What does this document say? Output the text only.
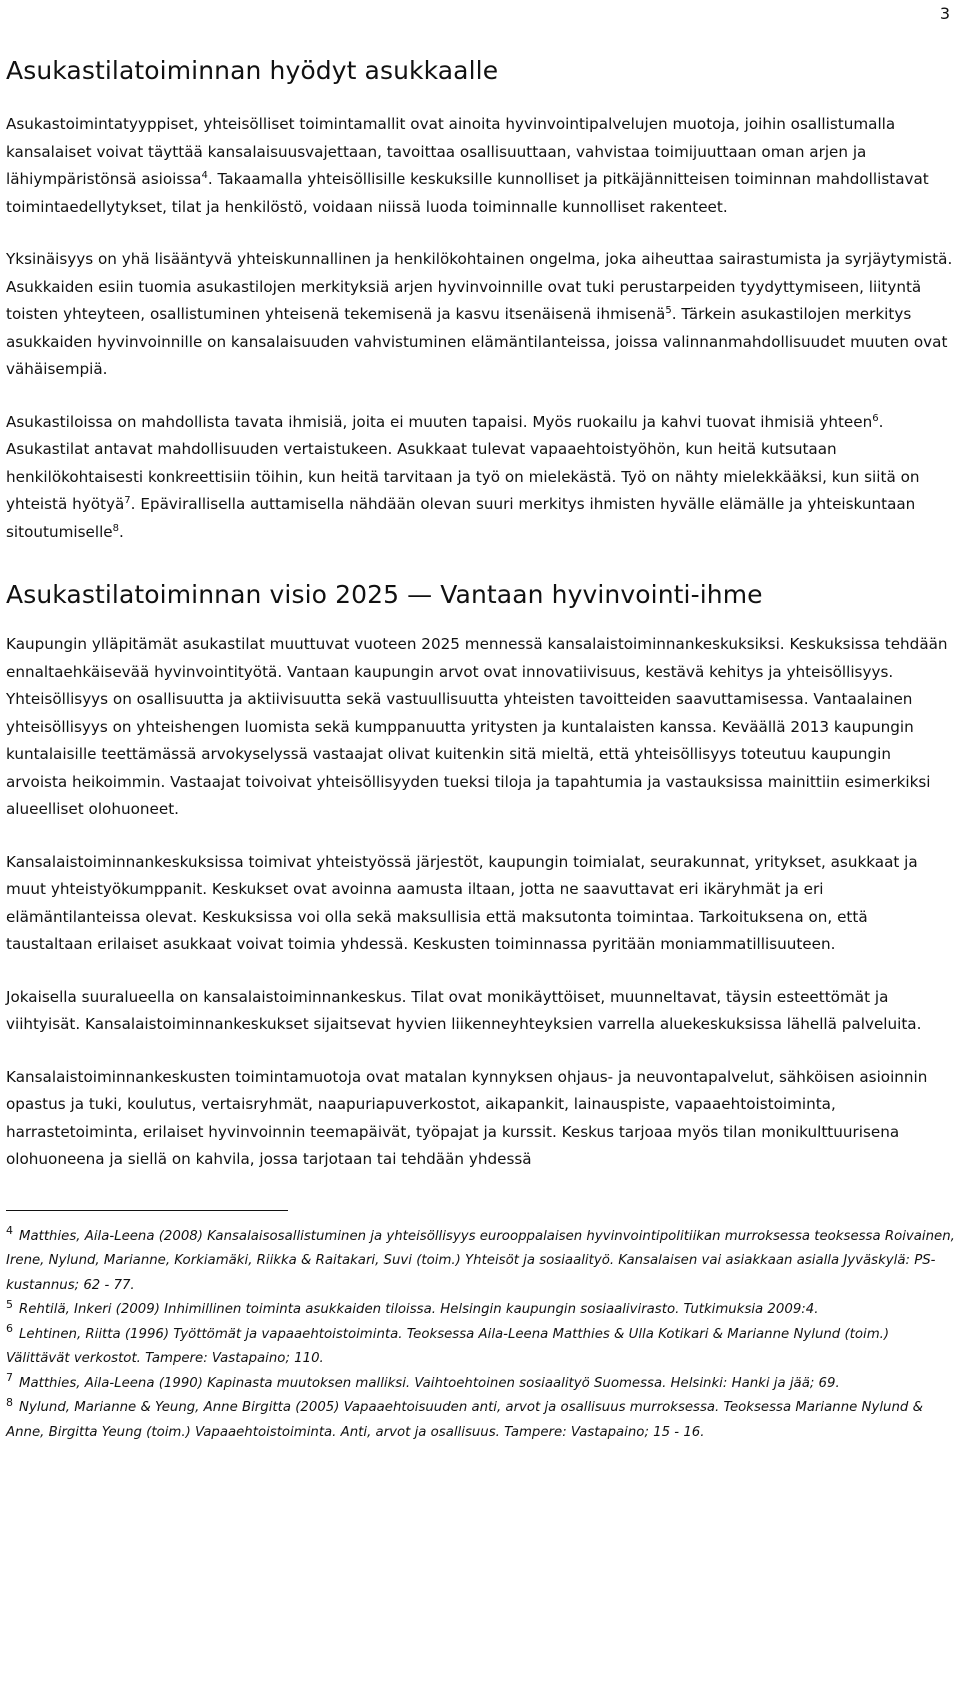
3
Asukastilatoiminnan hyödyt asukkaalle

Asukastoimintatyyppiset, yhteisölliset toimintamallit ovat ainoita hyvinvointipalvelujen muotoja, joihin osallistumalla kansalaiset voivat täyttää kansalaisuusvajettaan, tavoittaa osallisuuttaan, vahvistaa toimijuuttaan oman arjen ja lähiympäristönsä asioissa$^4$. Takaamalla yhteisöllisille keskuksille kunnolliset ja pitkäjännitteisen toiminnan mahdollistavat toimintaedellytykset, tilat ja henkilöstö, voidaan niissä luoda toiminnalle kunnolliset rakenteet.

Yksinäisyys on yhä lisääntyvä yhteiskunnallinen ja henkilökohtainen ongelma, joka aiheuttaa sairastumista ja syrjäytymistä. Asukkaiden esiin tuomia asukastilojen merkityksiä arjen hyvinvoinnille ovat tuki perustarpeiden tyydyttymiseen, liityntä toisten yhteyteen, osallistuminen yhteisenä tekemisenä ja kasvu itsenäisenä ihmisenä$^5$. Tärkein asukastilojen merkitys asukkaiden hyvinvoinnille on kansalaisuuden vahvistuminen elämäntilanteissa, joissa valinnanmahdollisuudet muuten ovat vähäisempiä.

Asukastiloissa on mahdollista tavata ihmisiä, joita ei muuten tapaisi. Myös ruokailu ja kahvi tuovat ihmisiä yhteen$^6$. Asukastilat antavat mahdollisuuden vertaistukeen. Asukkaat tulevat vapaaehtoistyöhön, kun heitä kutsutaan henkilökohtaisesti konkreettisiin töihin, kun heitä tarvitaan ja työ on mielekästä. Työ on nähty mielekkääksi, kun siitä on yhteistä hyötyä$^7$. Epävirallisella auttamisella nähdään olevan suuri merkitys ihmisten hyvälle elämälle ja yhteiskuntaan sitoutumiselle$^8$.

Asukastilatoiminnan visio 2025 — Vantaan hyvinvointi-ihme

Kaupungin ylläpitämät asukastilat muuttuvat vuoteen 2025 mennessä kansalaistoiminnankeskuksiksi. Keskuksissa tehdään ennaltaehkäisevää hyvinvointityötä. Vantaan kaupungin arvot ovat innovatiivisuus, kestävä kehitys ja yhteisöllisyys. Yhteisöllisyys on osallisuutta ja aktiivisuutta sekä vastuullisuutta yhteisten tavoitteiden saavuttamisessa. Vantaalainen yhteisöllisyys on yhteishengen luomista sekä kumppanuutta yritysten ja kuntalaisten kanssa. Keväällä 2013 kaupungin kuntalaisille teettämässä arvokyselyssä vastaajat olivat kuitenkin sitä mieltä, että yhteisöllisyys toteutuu kaupungin arvoista heikoimmin. Vastaajat toivoivat yhteisöllisyyden tueksi tiloja ja tapahtumia ja vastauksissa mainittiin esimerkiksi alueelliset olohuoneet.

Kansalaistoiminnankeskuksissa toimivat yhteistyössä järjestöt, kaupungin toimialat, seurakunnat, yritykset, asukkaat ja muut yhteistyökumppanit. Keskukset ovat avoinna aamusta iltaan, jotta ne saavuttavat eri ikäryhmät ja eri elämäntilanteissa olevat. Keskuksissa voi olla sekä maksullisia että maksutonta toimintaa. Tarkoituksena on, että taustaltaan erilaiset asukkaat voivat toimia yhdessä. Keskusten toiminnassa pyritään moniammatillisuuteen.

Jokaisella suuralueella on kansalaistoiminnankeskus. Tilat ovat monikäyttöiset, muunneltavat, täysin esteettömät ja viihtyisät. Kansalaistoiminnankeskukset sijaitsevat hyvien liikenneyhteyksien varrella aluekeskuksissa lähellä palveluita.

Kansalaistoiminnankeskusten toimintamuotoja ovat matalan kynnyksen ohjaus- ja neuvontapalvelut, sähköisen asioinnin opastus ja tuki, koulutus, vertaisryhmät, naapuriapuverkostot, aikapankit, lainauspiste, vapaaehtoistoiminta, harrastetoiminta, erilaiset hyvinvoinnin teemapäivät, työpajat ja kurssit. Keskus tarjoaa myös tilan monikulttuurisena olohuoneena ja siellä on kahvila, jossa tarjotaan tai tehdään yhdessä

$^4$ Matthies, Aila-Leena (2008) Kansalaisosallistuminen ja yhteisöllisyys eurooppalaisen hyvinvointipolitiikan murroksessa teoksessa Roivainen, Irene, Nylund, Marianne, Korkiamäki, Riikka & Raitakari, Suvi (toim.) Yhteisöt ja sosiaalityö. Kansalaisen vai asiakkaan asialla Jyväskylä: PS-kustannus; 62 - 77.

$^5$ Rehtilä, Inkeri (2009) Inhimillinen toiminta asukkaiden tiloissa. Helsingin kaupungin sosiaalivirasto. Tutkimuksia 2009:4.

$^6$ Lehtinen, Riitta (1996) Työttömät ja vapaaehtoistoiminta. Teoksessa Aila-Leena Matthies & Ulla Kotikari & Marianne Nylund (toim.) Välittävät verkostot. Tampere: Vastapaino; 110.

$^7$ Matthies, Aila-Leena (1990) Kapinasta muutoksen malliksi. Vaihtoehtoinen sosiaalityö Suomessa. Helsinki: Hanki ja jää; 69.

$^8$ Nylund, Marianne & Yeung, Anne Birgitta (2005) Vapaaehtoisuuden anti, arvot ja osallisuus murroksessa. Teoksessa Marianne Nylund & Anne, Birgitta Yeung (toim.) Vapaaehtoistoiminta. Anti, arvot ja osallisuus. Tampere: Vastapaino; 15 - 16.
